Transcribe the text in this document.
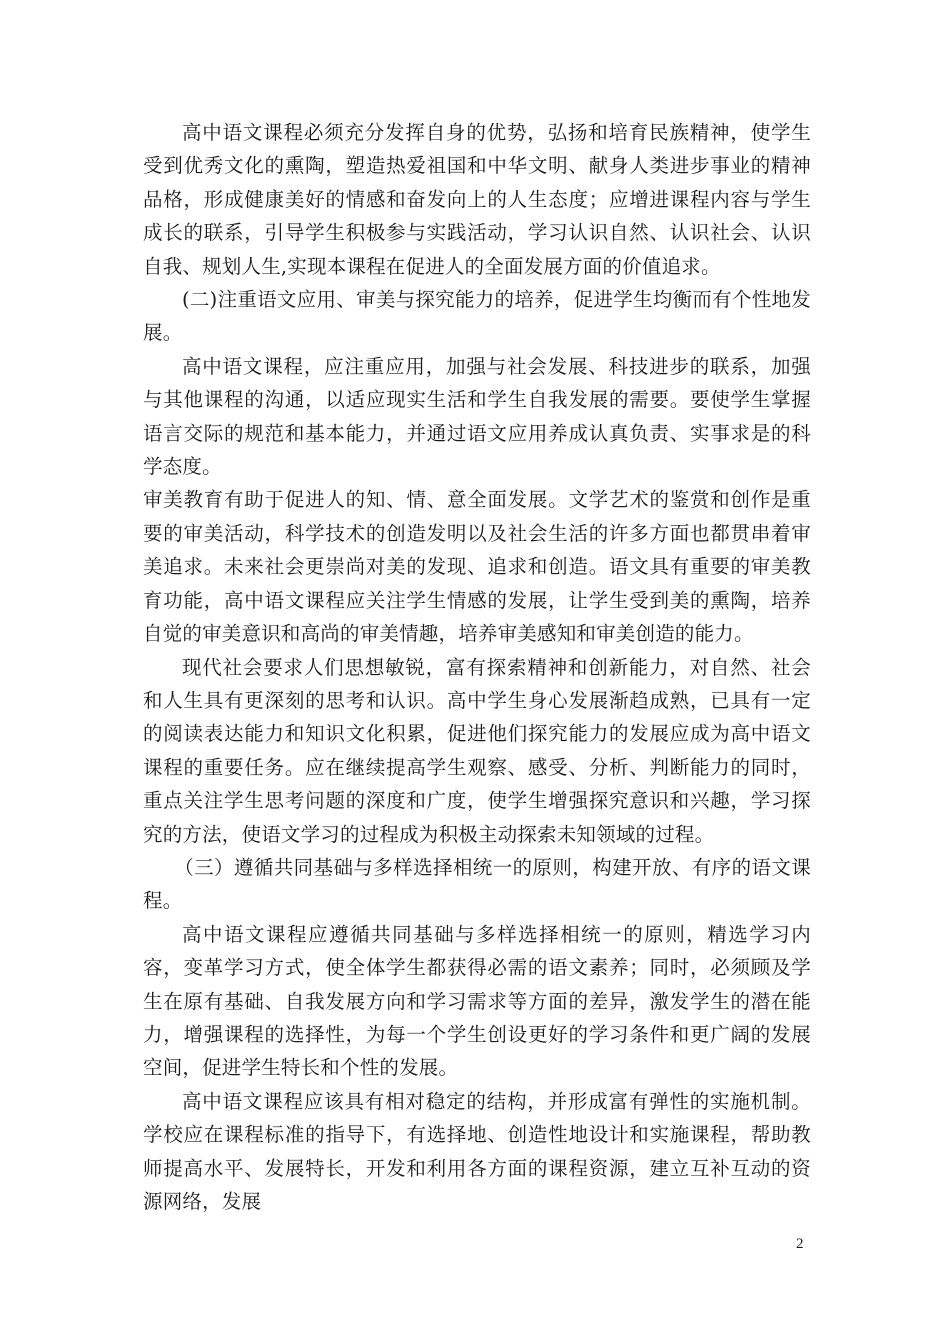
高中语文课程必须充分发挥自身的优势，弘扬和培育民族精神，使学生受到优秀文化的熏陶，塑造热爱祖国和中华文明、献身人类进步事业的精神品格，形成健康美好的情感和奋发向上的人生态度；应增进课程内容与学生成长的联系，引导学生积极参与实践活动，学习认识自然、认识社会、认识自我、规划人生,实现本课程在促进人的全面发展方面的价值追求。

(二)注重语文应用、审美与探究能力的培养，促进学生均衡而有个性地发展。

高中语文课程，应注重应用，加强与社会发展、科技进步的联系，加强与其他课程的沟通，以适应现实生活和学生自我发展的需要。要使学生掌握语言交际的规范和基本能力，并通过语文应用养成认真负责、实事求是的科学态度。

审美教育有助于促进人的知、情、意全面发展。文学艺术的鉴赏和创作是重要的审美活动，科学技术的创造发明以及社会生活的许多方面也都贯串着审美追求。未来社会更崇尚对美的发现、追求和创造。语文具有重要的审美教育功能，高中语文课程应关注学生情感的发展，让学生受到美的熏陶，培养自觉的审美意识和高尚的审美情趣，培养审美感知和审美创造的能力。

现代社会要求人们思想敏锐，富有探索精神和创新能力，对自然、社会和人生具有更深刻的思考和认识。高中学生身心发展渐趋成熟，已具有一定的阅读表达能力和知识文化积累，促进他们探究能力的发展应成为高中语文课程的重要任务。应在继续提高学生观察、感受、分析、判断能力的同时，重点关注学生思考问题的深度和广度，使学生增强探究意识和兴趣，学习探究的方法，使语文学习的过程成为积极主动探索未知领域的过程。

（三）遵循共同基础与多样选择相统一的原则，构建开放、有序的语文课程。

高中语文课程应遵循共同基础与多样选择相统一的原则，精选学习内容，变革学习方式，使全体学生都获得必需的语文素养；同时，必须顾及学生在原有基础、自我发展方向和学习需求等方面的差异，激发学生的潜在能力，增强课程的选择性，为每一个学生创设更好的学习条件和更广阔的发展空间，促进学生特长和个性的发展。

高中语文课程应该具有相对稳定的结构，并形成富有弹性的实施机制。学校应在课程标准的指导下，有选择地、创造性地设计和实施课程，帮助教师提高水平、发展特长，开发和利用各方面的课程资源，建立互补互动的资源网络，发展

2
